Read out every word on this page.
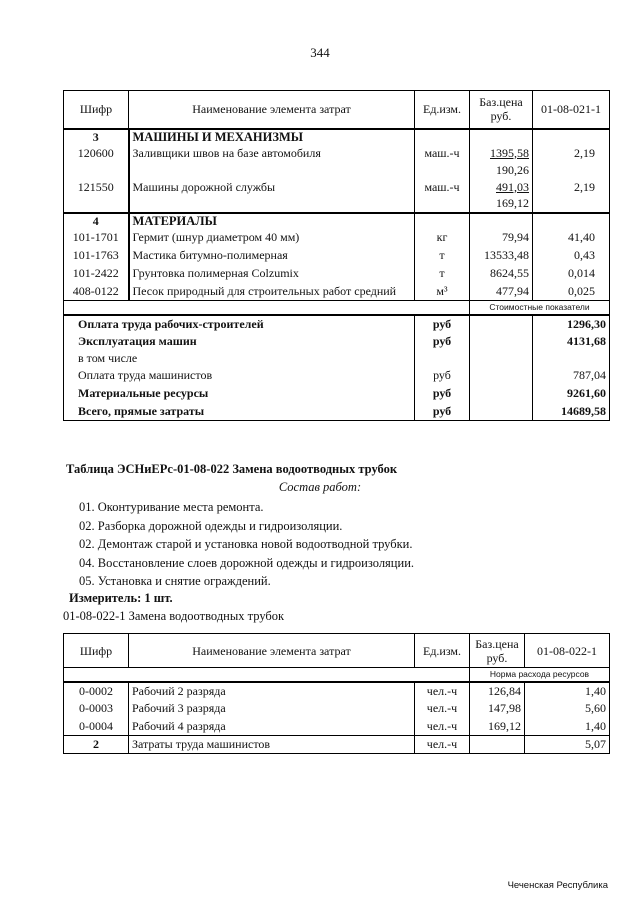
344
Шифр	Наименование элемента затрат	Ед.изм.	Баз.цена руб.	01-08-021-1
3	МАШИНЫ И МЕХАНИЗМЫ			
120600	Заливщики швов на базе автомобиля	маш.-ч	1395,58	2,19
			190,26	
121550	Машины дорожной службы	маш.-ч	491,03	2,19
			169,12	
4	МАТЕРИАЛЫ			
101-1701	Гермит (шнур диаметром 40 мм)	кг	79,94	41,40
101-1763	Мастика битумно-полимерная	т	13533,48	0,43
101-2422	Грунтовка полимерная Colzumix	т	8624,55	0,014
408-0122	Песок природный для строительных работ средний	м³	477,94	0,025
			Стоимостные показатели	
Оплата труда рабочих-строителей		руб		1296,30
Эксплуатация машин		руб		4131,68
в том числе				
Оплата труда машинистов		руб		787,04
Материальные ресурсы		руб		9261,60
Всего, прямые затраты		руб		14689,58
Таблица ЭСНиЕРс-01-08-022 Замена водоотводных трубок
Состав работ:
01. Оконтуривание места ремонта.
02. Разборка дорожной одежды и гидроизоляции.
02. Демонтаж старой и установка новой водоотводной трубки.
04. Восстановление слоев дорожной одежды и гидроизоляции.
05. Установка и снятие ограждений.
Измеритель: 1 шт.
01-08-022-1 Замена водоотводных трубок
Шифр	Наименование элемента затрат	Ед.изм.	Баз.цена руб.	01-08-022-1
			Норма расхода ресурсов	
0-0002	Рабочий 2 разряда	чел.-ч	126,84	1,40
0-0003	Рабочий 3 разряда	чел.-ч	147,98	5,60
0-0004	Рабочий 4 разряда	чел.-ч	169,12	1,40
2	Затраты труда машинистов	чел.-ч		5,07
Чеченская Республика
